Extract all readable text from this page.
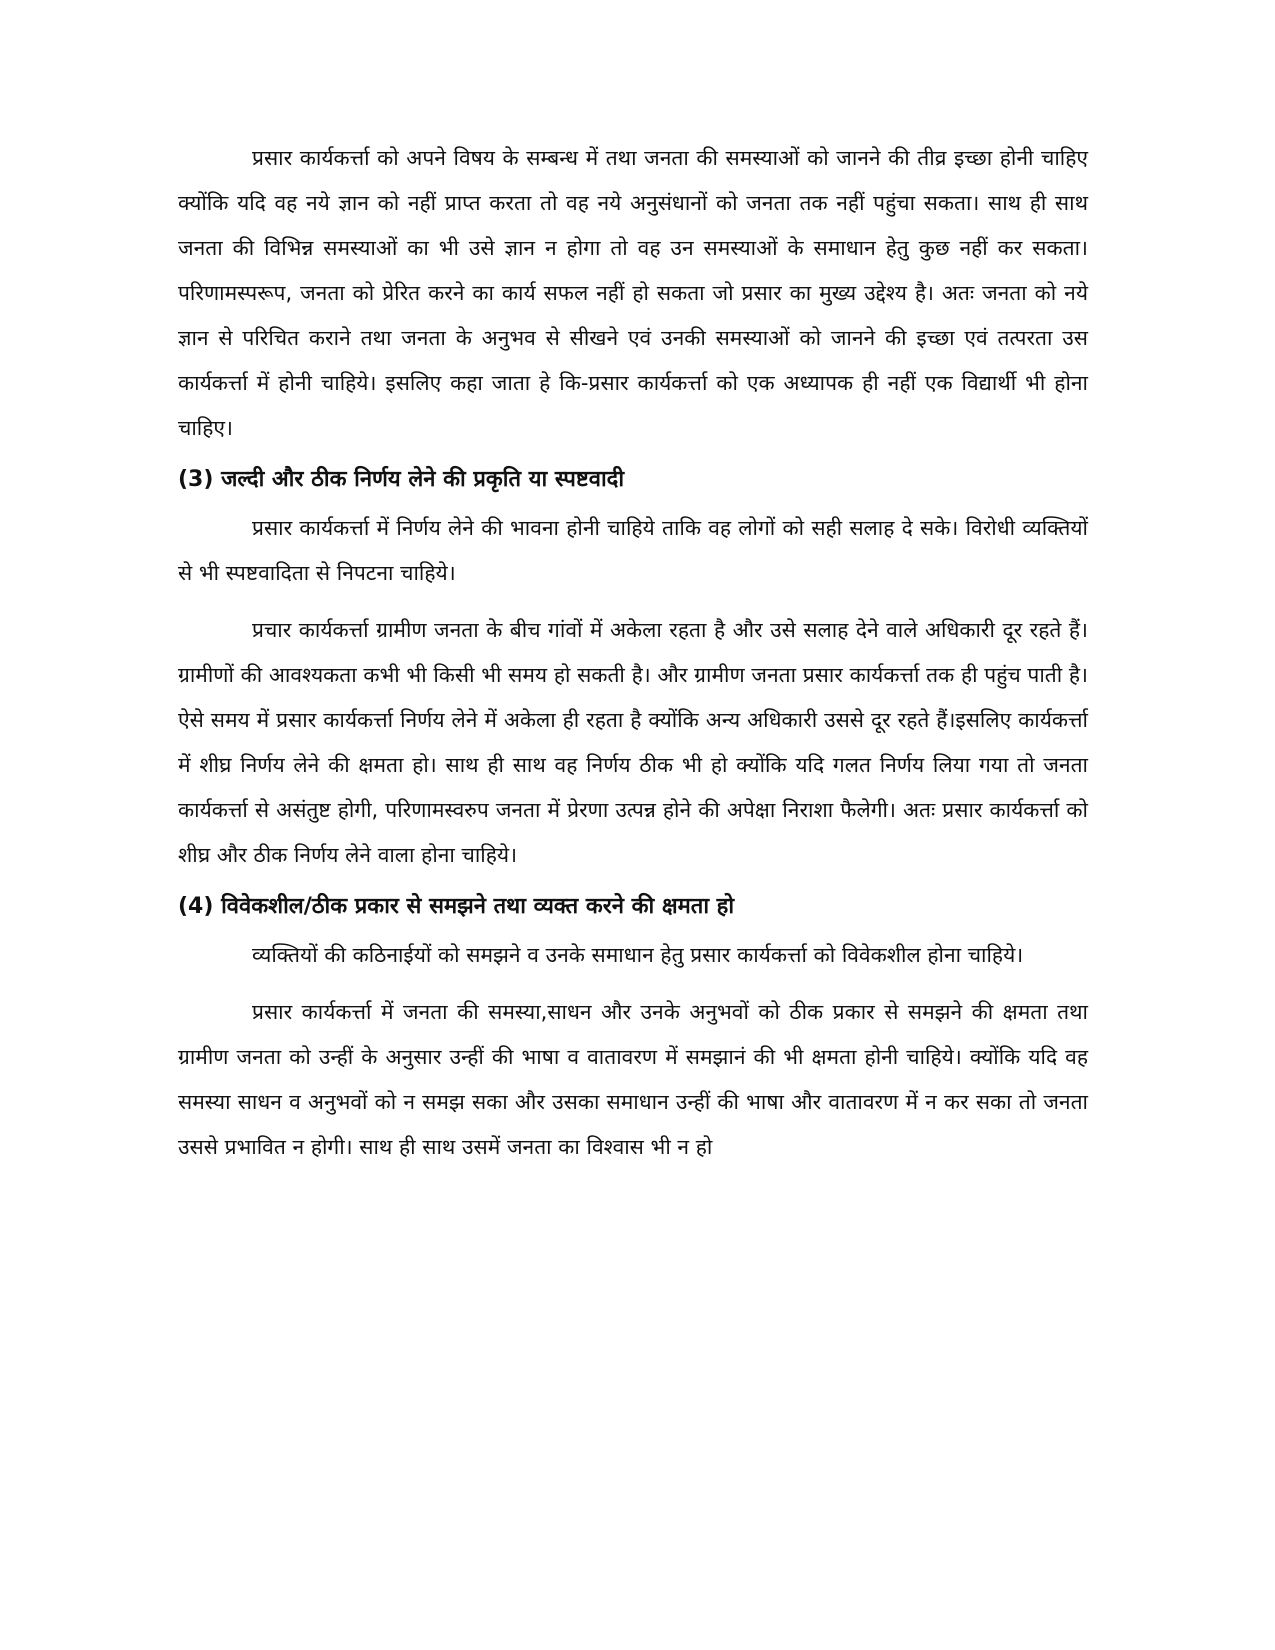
प्रसार कार्यकर्त्ता को अपने विषय के सम्बन्ध में तथा जनता की समस्याओं को जानने की तीव्र इच्छा होनी चाहिए क्योंकि यदि वह नये ज्ञान को नहीं प्राप्त करता तो वह नये अनुसंधानों को जनता तक नहीं पहुंचा सकता। साथ ही साथ जनता की विभिन्न समस्याओं का भी उसे ज्ञान न होगा तो वह उन समस्याओं के समाधान हेतु कुछ नहीं कर सकता। परिणामस्परूप, जनता को प्रेरित करने का कार्य सफल नहीं हो सकता जो प्रसार का मुख्य उद्देश्य है। अतः जनता को नये ज्ञान से परिचित कराने तथा जनता के अनुभव से सीखने एवं उनकी समस्याओं को जानने की इच्छा एवं तत्परता उस कार्यकर्त्ता में होनी चाहिये। इसलिए कहा जाता हे कि-प्रसार कार्यकर्त्ता को एक अध्यापक ही नहीं एक विद्यार्थी भी होना चाहिए।

(3) जल्दी और ठीक निर्णय लेने की प्रकृति या स्पष्टवादी

प्रसार कार्यकर्त्ता में निर्णय लेने की भावना होनी चाहिये ताकि वह लोगों को सही सलाह दे सके। विरोधी व्यक्तियों से भी स्पष्टवादिता से निपटना चाहिये।

प्रचार कार्यकर्त्ता ग्रामीण जनता के बीच गांवों में अकेला रहता है और उसे सलाह देने वाले अधिकारी दूर रहते हैं। ग्रामीणों की आवश्यकता कभी भी किसी भी समय हो सकती है। और ग्रामीण जनता प्रसार कार्यकर्त्ता तक ही पहुंच पाती है। ऐसे समय में प्रसार कार्यकर्त्ता निर्णय लेने में अकेला ही रहता है क्योंकि अन्य अधिकारी उससे दूर रहते हैं।इसलिए कार्यकर्त्ता में शीघ्र निर्णय लेने की क्षमता हो। साथ ही साथ वह निर्णय ठीक भी हो क्योंकि यदि गलत निर्णय लिया गया तो जनता कार्यकर्त्ता से असंतुष्ट होगी, परिणामस्वरुप जनता में प्रेरणा उत्पन्न होने की अपेक्षा निराशा फैलेगी। अतः प्रसार कार्यकर्त्ता को शीघ्र और ठीक निर्णय लेने वाला होना चाहिये।

(4) विवेकशील/ठीक प्रकार से समझने तथा व्यक्त करने की क्षमता हो

व्यक्तियों की कठिनाईयों को समझने व उनके समाधान हेतु प्रसार कार्यकर्त्ता को विवेकशील होना चाहिये।

प्रसार कार्यकर्त्ता में जनता की समस्या,साधन और उनके अनुभवों को ठीक प्रकार से समझने की क्षमता तथा ग्रामीण जनता को उन्हीं के अनुसार उन्हीं की भाषा व वातावरण में समझानं की भी क्षमता होनी चाहिये। क्योंकि यदि वह समस्या साधन व अनुभवों को न समझ सका और उसका समाधान उन्हीं की भाषा और वातावरण में न कर सका तो जनता उससे प्रभावित न होगी। साथ ही साथ उसमें जनता का विश्वास भी न हो
